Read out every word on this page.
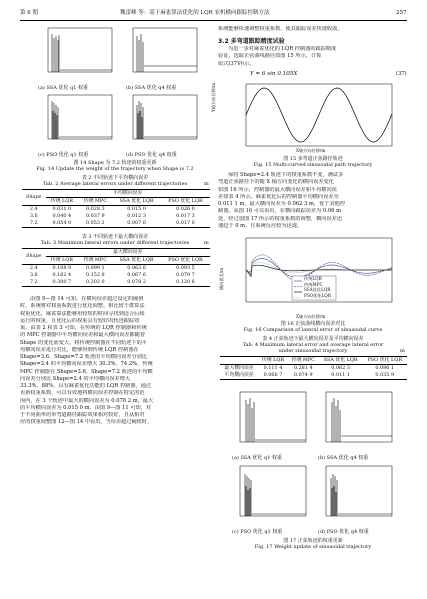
第 6 期	魏雷峰 等：基于麻雀算法优化的 LQR 农机横向跟踪控制方法	257
(a) SSA 优化 q1 权重	(b) SSA 优化 q4 权重
(c) PSO 优化 q1 权重	(d) PSO 优化 q4 权重
图 14 Shape 为 7.2 轨迹的权重更新
Fig. 14 Update the weight of the trajectory when Shape is 7.2
表 2 不同轨迹下平均横向误差
Tab. 2 Average lateral errors under different trajectories	m
Shape	平均横向误差			
	传统 LQR	传统 MPC	SSA 优化 LQR	PSO 优化 LQR
2.4	0.031 0	0.028 3	0.015 0	0.026 0
3.6	0.040 4	0.037 9	0.012 3	0.017 3
7.2	0.054 0	0.053 2	0.007 6	0.017 0
表 3 不同轨迹下最大横向误差
Tab. 3 Maximum lateral errors under different trajectories	m
Shape	最大横向误差			
	传统 LQR	传统 MPC	SSA 优化 LQR	PSO 优化 LQR
2.4	0.108 9	0.099 1	0.063 6	0.093 5
3.6	0.162 4	0.152 8	0.067 6	0.079 7
7.2	0.300 7	0.302 0	0.078 2	0.120 6
由图 9—图 14 可知，在横向误差超过设定的阈值
时，系统将对权重系数进行优化调整。相比较于群算法
权重优化，麻雀算法能够用较短的时间寻找到适合后续
运行的权重，且优化后的权重具有较好的轨迹跟踪效
果。由表 2 和表 3 可知，在传统的 LQR 控制器和传统
的 MPC 控制器中平均横向误差和最大横向误差都随着
Shape 的变化而变大。将传统控制器在不同轨迹下的平
均横向误差进行对比，能够得到传统 LQR 控制器在
Shape=3.6、Shape=7.2 轨迹的平均横向误差分别比
Shape=2.4 的平均横向误差增大 30.3%、74.2%，传统
MPC 控制器在 Shape=3.6、Shape=7.2 轨迹的平均横
向误差分别比 Shape=2.4 的平均横向误差增大
33.3%、88%。具有麻雀优化功能的 LQR 控制器，通过
更新权重系数，可以有效地将横向误差控制在特定的范
围内，在 3 个轨迹中最大的横向误差为 0.078 2 m，最大
的平均横向误差为 0.015 0 m。由图 9—图 11 可知，对
于不同曲率的单弯道路径跟踪效果相对较好，且从相对
应的权重调整图 12—图 14 中看出，当误差超过阈值时，
系统能够快速调整权重系数，使其跟踪误差快速收敛。
3.2 多弯道跟踪精度试验
为进一步对麻雀优化的 LQR 控制器的跟踪精度
验证，选取正弦曲线路径如图 15 所示，计算
如式(37)所示。
Y = 6 sin 0.105X	(37)
Y轴方向位移/m
X轴方向位移/m
图 15 多弯道正弦路径轨迹
Fig. 15 Multi-curved sinusoidal path trajectory
保持 Shape=2.4 轨迹下的权重系数不变，测试多
弯道正弦路径下的随 X 轴方向变化的横向误差变化
如图 16 所示，控制器的最大横向误差和平均横向误
差如表 4 所示。麻雀优化后的控制器平均横向误差为
0.011 1 m，最大横向误差为 0.062 3 m，优于其他控
制器。从图 16 可以看出，在横向跟踪误差为 0.06 m
处，经过加图 17 所示的权重系数的调整，横向误差迅
速趋于 0 m，且系统反应较为迅速。
传统LQR
传统MPC
SSA优化LQR
PSO优化LQR
横向误差/m
X轴方向位移/m
图 16 正弦曲线横向误差对比
Fig. 16 Comparison of lateral error of sinusoidal curve
表 4 正弦轨迹下最大横向误差及平均横向误差
Tab. 4 Maximum lateral error and average lateral error
under sinusoidal trajectory	m
	传统 LQR	传统 MPC	SSA 优化 LQR	PSO 优化 LQR
最大横向误差	0.111 4	0.281 4	0.062 3	0.096 1
平均横向误差	0.066 7	0.074 9	0.011 1	0.035 9
(a) SSA 优化 q1 权重	(b) SSA 优化 q4 权重
(c) PSO 优化 q1 权重	(d) PSO 优化 q4 权重
图 17 正弦轨迹的权重更新
Fig. 17 Weight update of sinusoidal trajectory
